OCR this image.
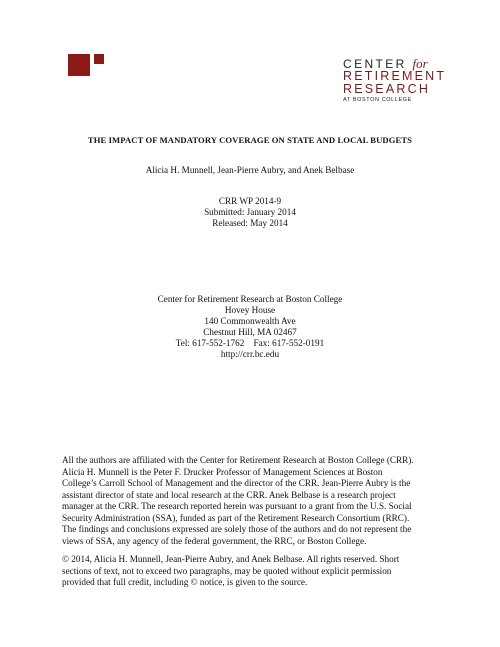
CENTER for
RETIREMENT
RESEARCH
AT BOSTON COLLEGE
THE IMPACT OF MANDATORY COVERAGE ON STATE AND LOCAL BUDGETS
Alicia H. Munnell, Jean-Pierre Aubry, and Anek Belbase
CRR WP 2014-9
Submitted: January 2014
Released: May 2014
Center for Retirement Research at Boston College
Hovey House
140 Commonwealth Ave
Chestnut Hill, MA 02467
Tel: 617-552-1762    Fax: 617-552-0191
http://crr.bc.edu
All the authors are affiliated with the Center for Retirement Research at Boston College (CRR).
Alicia H. Munnell is the Peter F. Drucker Professor of Management Sciences at Boston
College’s Carroll School of Management and the director of the CRR. Jean-Pierre Aubry is the
assistant director of state and local research at the CRR. Anek Belbase is a research project
manager at the CRR. The research reported herein was pursuant to a grant from the U.S. Social
Security Administration (SSA), funded as part of the Retirement Research Consortium (RRC).
The findings and conclusions expressed are solely those of the authors and do not represent the
views of SSA, any agency of the federal government, the RRC, or Boston College.
© 2014, Alicia H. Munnell, Jean-Pierre Aubry, and Anek Belbase. All rights reserved. Short
sections of text, not to exceed two paragraphs, may be quoted without explicit permission
provided that full credit, including © notice, is given to the source.
